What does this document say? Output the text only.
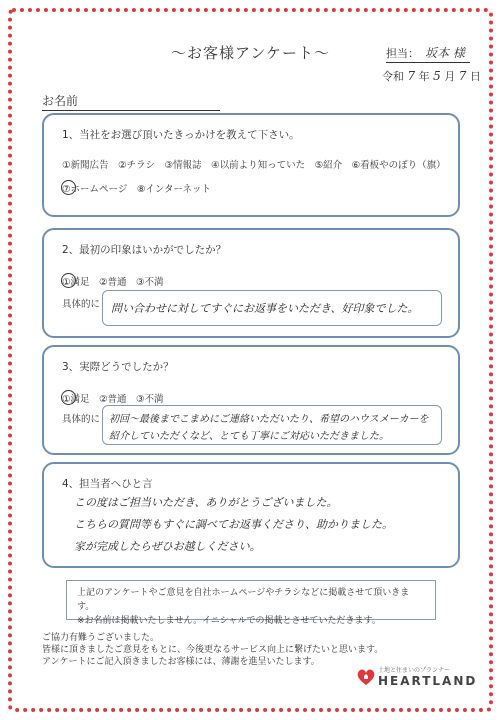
〜お客様アンケート〜	担当： 坂本 様
令和 7 年 5 月 7 日
お名前
1、当社をお選び頂いたきっかけを教えて下さい。
①新聞広告　②チラシ　③情報誌　④以前より知っていた　⑤紹介　⑥看板やのぼり（旗）
⑦ホームページ　⑧インターネット
2、最初の印象はいかがでしたか？
①満足　②普通　③不満
具体的に 問い合わせに対してすぐにお返事をいただき、好印象でした。
3、実際どうでしたか？
①満足　②普通　③不満
具体的に 初回〜最後までこまめにご連絡いただいたり、希望のハウスメーカーを
紹介していただくなど、とても丁寧にご対応いただきました。
4、担当者へひと言
この度はご担当いただき、ありがとうございました。
こちらの質問等もすぐに調べてお返事くださり、助かりました。
家が完成したらぜひお越しください。
上記のアンケートやご意見を自社ホームページやチラシなどに掲載させて頂いきます。
※お名前は掲載いたしません。イニシャルでの掲載とさせていただきます。
ご協力有難うございました。
皆様に頂きましたご意見をもとに、今後更なるサービス向上に繋げたいと思います。
アンケートにご記入頂きましたお客様には、薄謝を進呈いたします。
土地と住まいのプランナー
HEARTLAND
